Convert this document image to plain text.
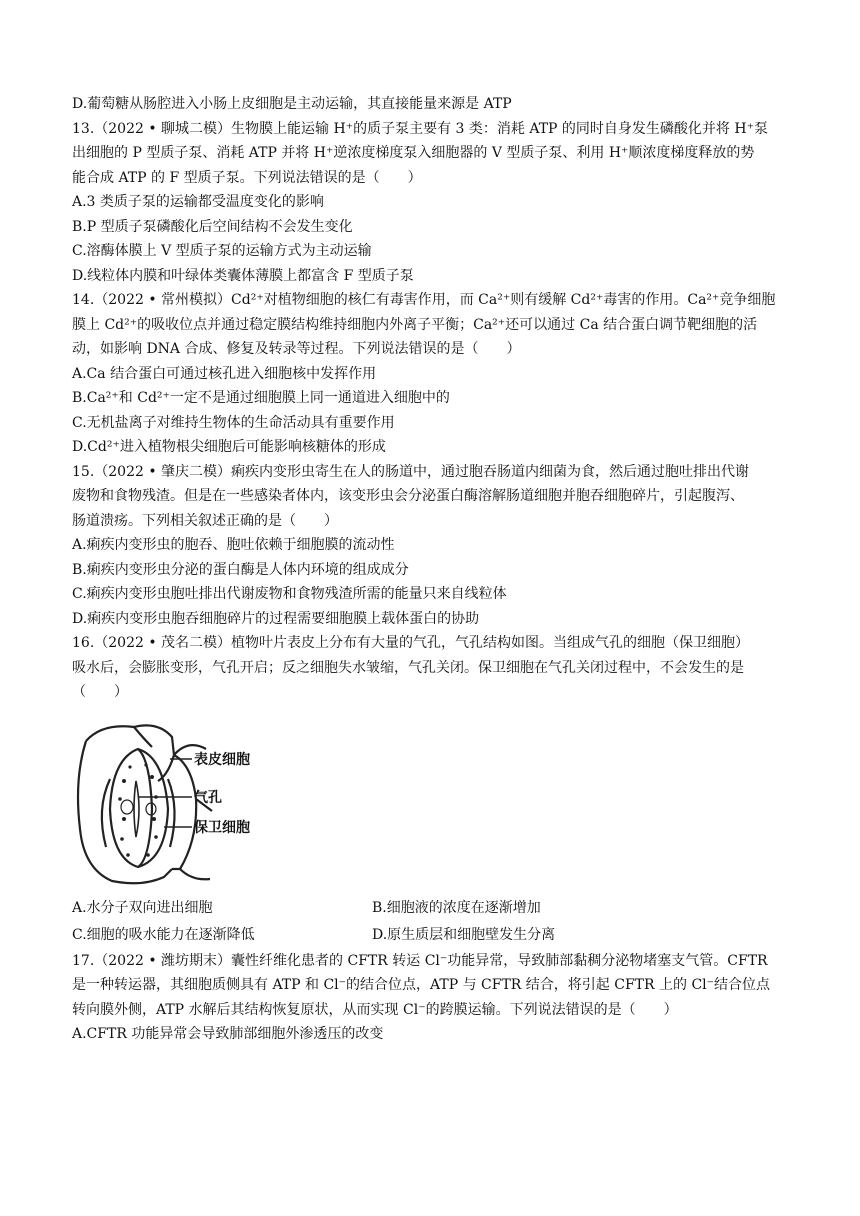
D.葡萄糖从肠腔进入小肠上皮细胞是主动运输，其直接能量来源是 ATP
13.（2022 • 聊城二模）生物膜上能运输 H⁺的质子泵主要有 3 类：消耗 ATP 的同时自身发生磷酸化并将 H⁺泵
出细胞的 P 型质子泵、消耗 ATP 并将 H⁺逆浓度梯度泵入细胞器的 V 型质子泵、利用 H⁺顺浓度梯度释放的势
能合成 ATP 的 F 型质子泵。下列说法错误的是（　　）
A.3 类质子泵的运输都受温度变化的影响
B.P 型质子泵磷酸化后空间结构不会发生变化
C.溶酶体膜上 V 型质子泵的运输方式为主动运输
D.线粒体内膜和叶绿体类囊体薄膜上都富含 F 型质子泵
14.（2022 • 常州模拟）Cd²⁺对植物细胞的核仁有毒害作用，而 Ca²⁺则有缓解 Cd²⁺毒害的作用。Ca²⁺竞争细胞
膜上 Cd²⁺的吸收位点并通过稳定膜结构维持细胞内外离子平衡；Ca²⁺还可以通过 Ca 结合蛋白调节靶细胞的活
动，如影响 DNA 合成、修复及转录等过程。下列说法错误的是（　　）
A.Ca 结合蛋白可通过核孔进入细胞核中发挥作用
B.Ca²⁺和 Cd²⁺一定不是通过细胞膜上同一通道进入细胞中的
C.无机盐离子对维持生物体的生命活动具有重要作用
D.Cd²⁺进入植物根尖细胞后可能影响核糖体的形成
15.（2022 • 肇庆二模）痢疾内变形虫寄生在人的肠道中，通过胞吞肠道内细菌为食，然后通过胞吐排出代谢
废物和食物残渣。但是在一些感染者体内，该变形虫会分泌蛋白酶溶解肠道细胞并胞吞细胞碎片，引起腹泻、
肠道溃疡。下列相关叙述正确的是（　　）
A.痢疾内变形虫的胞吞、胞吐依赖于细胞膜的流动性
B.痢疾内变形虫分泌的蛋白酶是人体内环境的组成成分
C.痢疾内变形虫胞吐排出代谢废物和食物残渣所需的能量只来自线粒体
D.痢疾内变形虫胞吞细胞碎片的过程需要细胞膜上载体蛋白的协助
16.（2022 • 茂名二模）植物叶片表皮上分布有大量的气孔，气孔结构如图。当组成气孔的细胞（保卫细胞）
吸水后，会膨胀变形，气孔开启；反之细胞失水皱缩，气孔关闭。保卫细胞在气孔关闭过程中，不会发生的是
（　　）
表皮细胞
气孔
保卫细胞
A.水分子双向进出细胞	B.细胞液的浓度在逐渐增加
C.细胞的吸水能力在逐渐降低	D.原生质层和细胞壁发生分离
17.（2022 • 潍坊期末）囊性纤维化患者的 CFTR 转运 Cl⁻功能异常，导致肺部黏稠分泌物堵塞支气管。CFTR
是一种转运器，其细胞质侧具有 ATP 和 Cl⁻的结合位点，ATP 与 CFTR 结合，将引起 CFTR 上的 Cl⁻结合位点
转向膜外侧，ATP 水解后其结构恢复原状，从而实现 Cl⁻的跨膜运输。下列说法错误的是（　　）
A.CFTR 功能异常会导致肺部细胞外渗透压的改变
